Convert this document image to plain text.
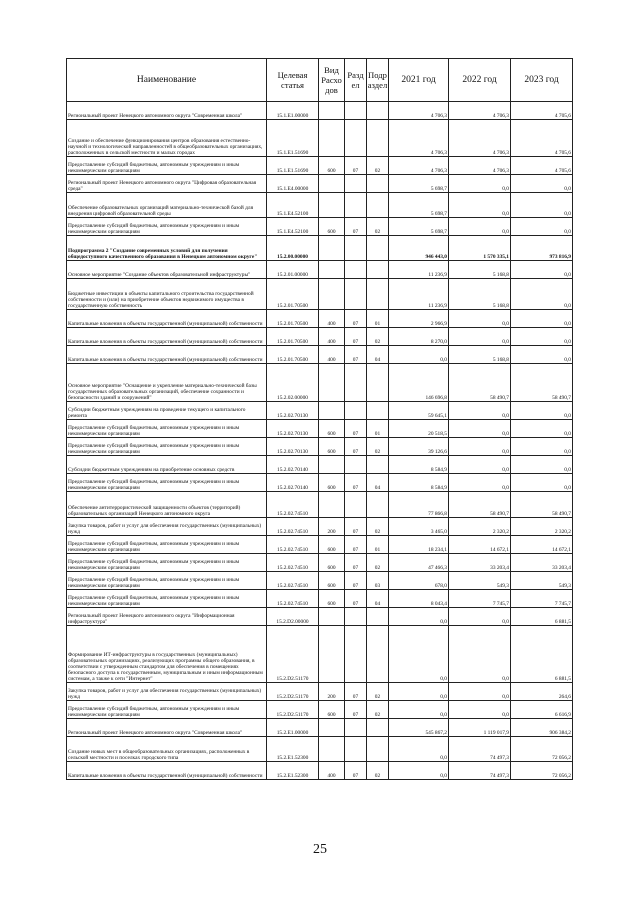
Наименование	Целевая статья	Вид Расхо дов	Разд ел	Подр аздел	2021 год	2022 год	2023 год
Региональный проект Ненецкого автономного округа "Современная школа"	15.1.E1.00000				4 706,3	4 706,3	4 705,6
Создание и обеспечение функционирования центров образования естественно-научной и технологической направленностей в общеобразовательных организациях, расположенных в сельской местности и малых городах	15.1.E1.51690				4 706,3	4 706,3	4 705,6
Предоставление субсидий бюджетным, автономным учреждениям и иным некоммерческим организациям	15.1.E1.51690	600	07	02	4 706,3	4 706,3	4 705,6
Региональный проект Ненецкого автономного округа "Цифровая образовательная среда"	15.1.E4.00000				5 698,7	0,0	0,0
Обеспечение образовательных организаций материально-технической базой для внедрения цифровой образовательной среды	15.1.E4.52100				5 698,7	0,0	0,0
Предоставление субсидий бюджетным, автономным учреждениям и иным некоммерческим организациям	15.1.E4.52100	600	07	02	5 698,7	0,0	0,0
Подпрограмма 2 "Создание современных условий для получения общедоступного качественного образования в Ненецком автономном округе"	15.2.00.00000				946 443,0	1 570 335,1	973 816,9
Основное мероприятие "Создание объектов образовательной инфраструктуры"	15.2.01.00000				11 236,9	5 168,8	0,0
Бюджетные инвестиции в объекты капитального строительства государственной собственности и (или) на приобретение объектов недвижимого имущества в государственную собственность	15.2.01.70500				11 236,9	5 168,8	0,0
Капитальные вложения в объекты государственной (муниципальной) собственности	15.2.01.70500	400	07	01	2 966,9	0,0	0,0
Капитальные вложения в объекты государственной (муниципальной) собственности	15.2.01.70500	400	07	02	8 270,0	0,0	0,0
Капитальные вложения в объекты государственной (муниципальной) собственности	15.2.01.70500	400	07	04	0,0	5 168,8	0,0
Основное мероприятие "Оснащение и укрепление материально-технической базы государственных образовательных организаций, обеспечение сохранности и безопасности зданий и сооружений"	15.2.02.00000				146 696,8	58 490,7	58 490,7
Субсидии бюджетным учреждениям на проведение текущего и капитального ремонта	15.2.02.70130				59 645,1	0,0	0,0
Предоставление субсидий бюджетным, автономным учреждениям и иным некоммерческим организациям	15.2.02.70130	600	07	01	20 518,5	0,0	0,0
Предоставление субсидий бюджетным, автономным учреждениям и иным некоммерческим организациям	15.2.02.70130	600	07	02	39 126,6	0,0	0,0
Субсидии бюджетным учреждениям на приобретение основных средств	15.2.02.70140				8 584,9	0,0	0,0
Предоставление субсидий бюджетным, автономным учреждениям и иным некоммерческим организациям	15.2.02.70140	600	07	04	8 584,9	0,0	0,0
Обеспечение антитеррористической защищенности объектов (территорий) образовательных организаций Ненецкого автономного округа	15.2.02.74510				77 866,8	58 490,7	58 490,7
Закупка товаров, работ и услуг для обеспечения государственных (муниципальных) нужд	15.2.02.74510	200	07	02	3 465,0	2 320,2	2 320,2
Предоставление субсидий бюджетным, автономным учреждениям и иным некоммерческим организациям	15.2.02.74510	600	07	01	18 234,1	14 672,1	14 672,1
Предоставление субсидий бюджетным, автономным учреждениям и иным некоммерческим организациям	15.2.02.74510	600	07	02	47 466,3	33 203,4	33 203,4
Предоставление субсидий бюджетным, автономным учреждениям и иным некоммерческим организациям	15.2.02.74510	600	07	03	678,0	549,3	549,3
Предоставление субсидий бюджетным, автономным учреждениям и иным некоммерческим организациям	15.2.02.74510	600	07	04	8 043,4	7 745,7	7 745,7
Региональный проект Ненецкого автономного округа "Информационная инфраструктура"	15.2.D2.00000				0,0	0,0	6 881,5
Формирование ИТ-инфраструктуры в государственных (муниципальных) образовательных организациях, реализующих программы общего образования, в соответствии с утвержденным стандартом для обеспечения в помещениях безопасного доступа к государственным, муниципальным и иным информационным системам, а также к сети "Интернет"	15.2.D2.51170				0,0	0,0	6 881,5
Закупка товаров, работ и услуг для обеспечения государственных (муниципальных) нужд	15.2.D2.51170	200	07	02	0,0	0,0	264,6
Предоставление субсидий бюджетным, автономным учреждениям и иным некоммерческим организациям	15.2.D2.51170	600	07	02	0,0	0,0	6 616,9
Региональный проект Ненецкого автономного округа "Современная школа"	15.2.E1.00000				545 867,2	1 119 017,9	906 384,2
Создание новых мест в общеобразовательных организациях, расположенных в сельской местности и поселках городского типа	15.2.E1.52300				0,0	74 497,3	72 056,2
Капитальные вложения в объекты государственной (муниципальной) собственности	15.2.E1.52300	400	07	02	0,0	74 497,3	72 056,2
25
